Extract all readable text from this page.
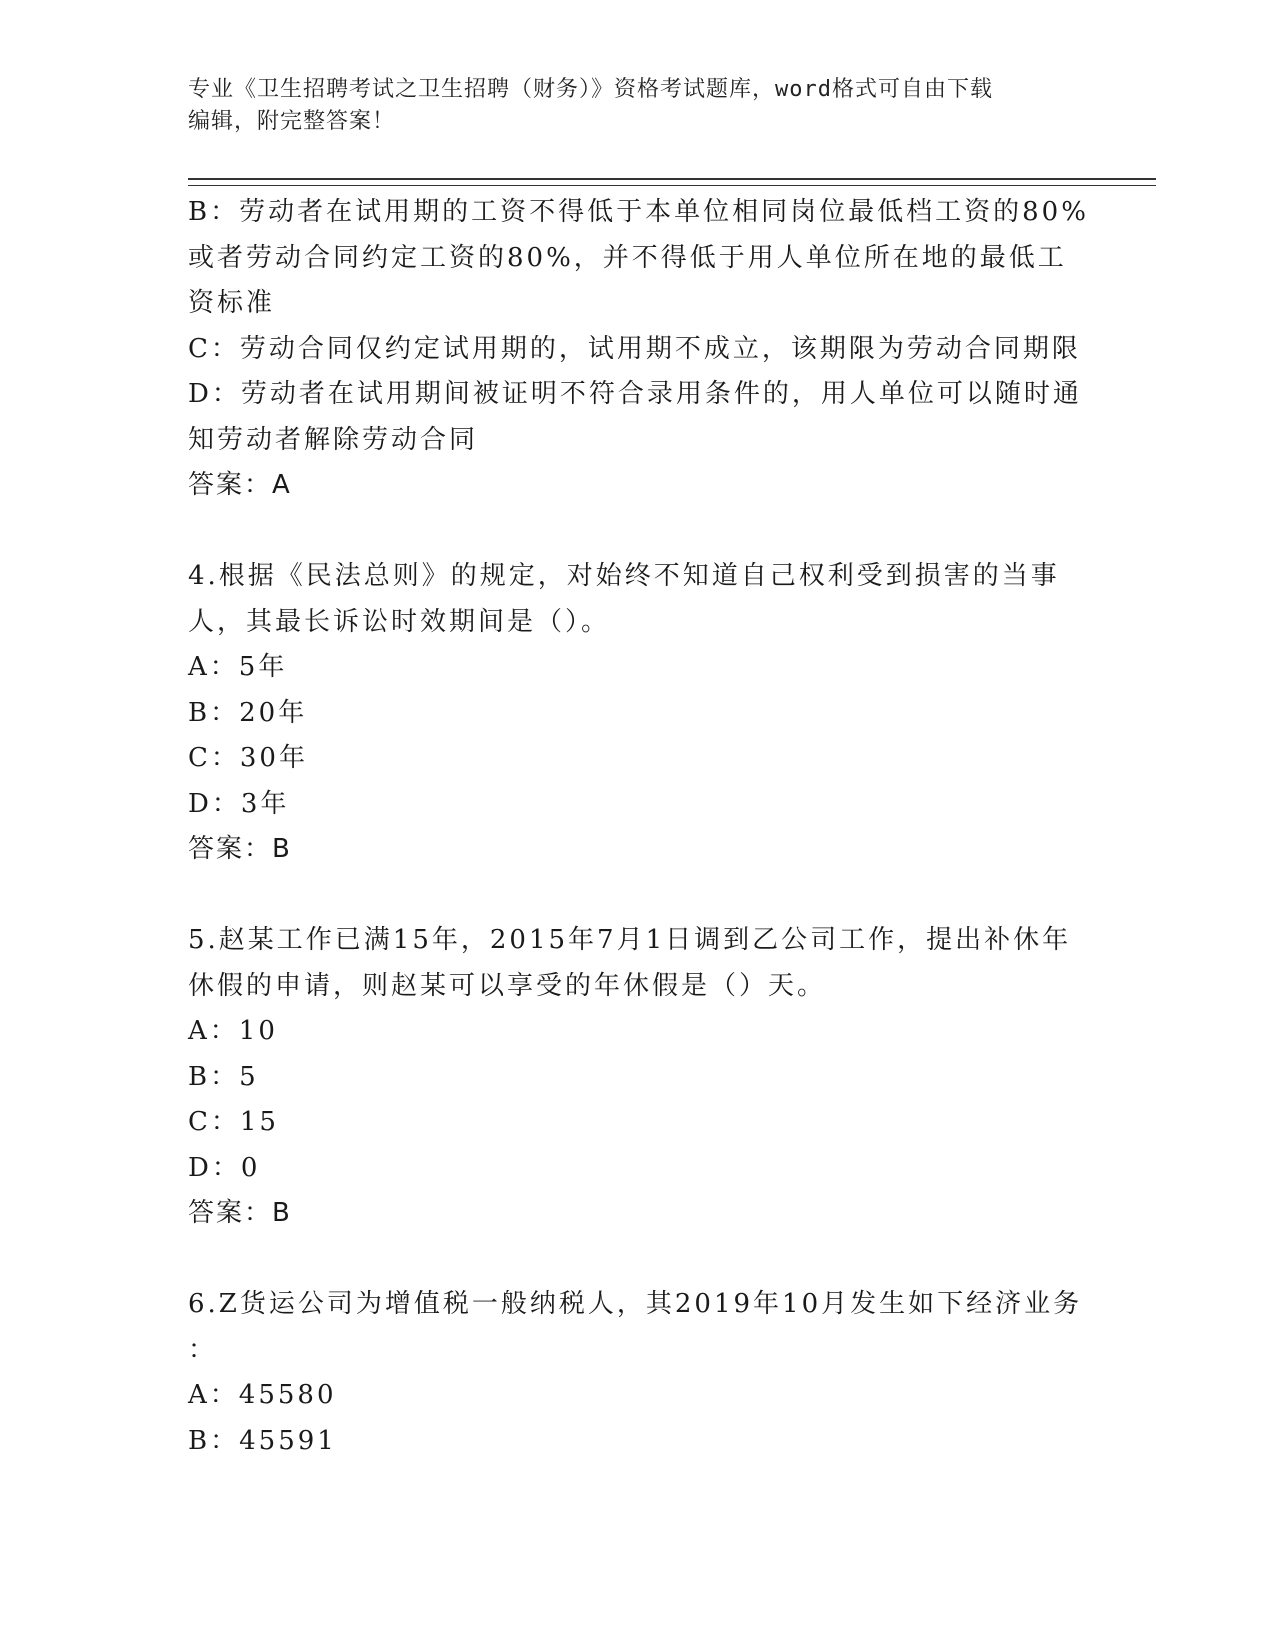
专业《卫生招聘考试之卫生招聘（财务）》资格考试题库，word格式可自由下载
编辑，附完整答案！
B：劳动者在试用期的工资不得低于本单位相同岗位最低档工资的80%
或者劳动合同约定工资的80%，并不得低于用人单位所在地的最低工
资标准
C：劳动合同仅约定试用期的，试用期不成立，该期限为劳动合同期限
D：劳动者在试用期间被证明不符合录用条件的，用人单位可以随时通
知劳动者解除劳动合同
答案：A
4.根据《民法总则》的规定，对始终不知道自己权利受到损害的当事
人，其最长诉讼时效期间是（）。
A：5年
B：20年
C：30年
D：3年
答案：B
5.赵某工作已满15年，2015年7月1日调到乙公司工作，提出补休年
休假的申请，则赵某可以享受的年休假是（）天。
A：10
B：5
C：15
D：0
答案：B
6.Z货运公司为增值税一般纳税人，其2019年10月发生如下经济业务
：
A：45580
B：45591
